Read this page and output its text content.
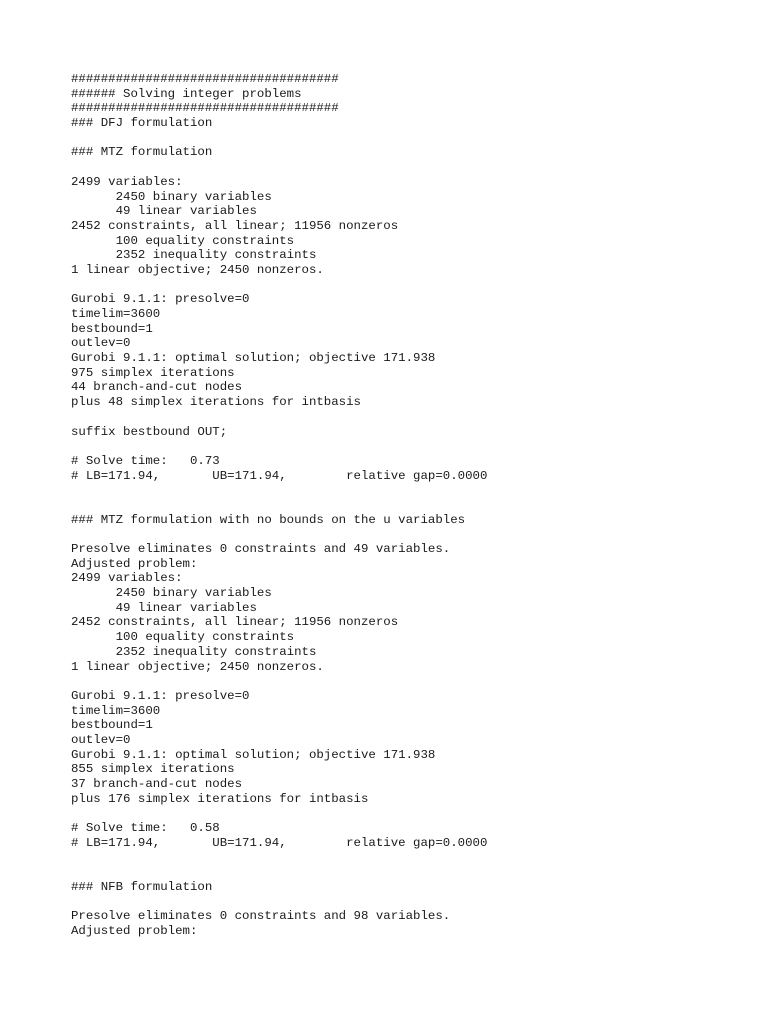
####################################
###### Solving integer problems
####################################
### DFJ formulation
### MTZ formulation
2499 variables:
2450 binary variables
49 linear variables
2452 constraints, all linear; 11956 nonzeros
100 equality constraints
2352 inequality constraints
1 linear objective; 2450 nonzeros.
Gurobi 9.1.1: presolve=0
timelim=3600
bestbound=1
outlev=0
Gurobi 9.1.1: optimal solution; objective 171.938
975 simplex iterations
44 branch-and-cut nodes
plus 48 simplex iterations for intbasis
suffix bestbound OUT;
# Solve time:   0.73
# LB=171.94,       UB=171.94,        relative gap=0.0000
### MTZ formulation with no bounds on the u variables
Presolve eliminates 0 constraints and 49 variables.
Adjusted problem:
2499 variables:
2450 binary variables
49 linear variables
2452 constraints, all linear; 11956 nonzeros
100 equality constraints
2352 inequality constraints
1 linear objective; 2450 nonzeros.
Gurobi 9.1.1: presolve=0
timelim=3600
bestbound=1
outlev=0
Gurobi 9.1.1: optimal solution; objective 171.938
855 simplex iterations
37 branch-and-cut nodes
plus 176 simplex iterations for intbasis
# Solve time:   0.58
# LB=171.94,       UB=171.94,        relative gap=0.0000
### NFB formulation
Presolve eliminates 0 constraints and 98 variables.
Adjusted problem:
